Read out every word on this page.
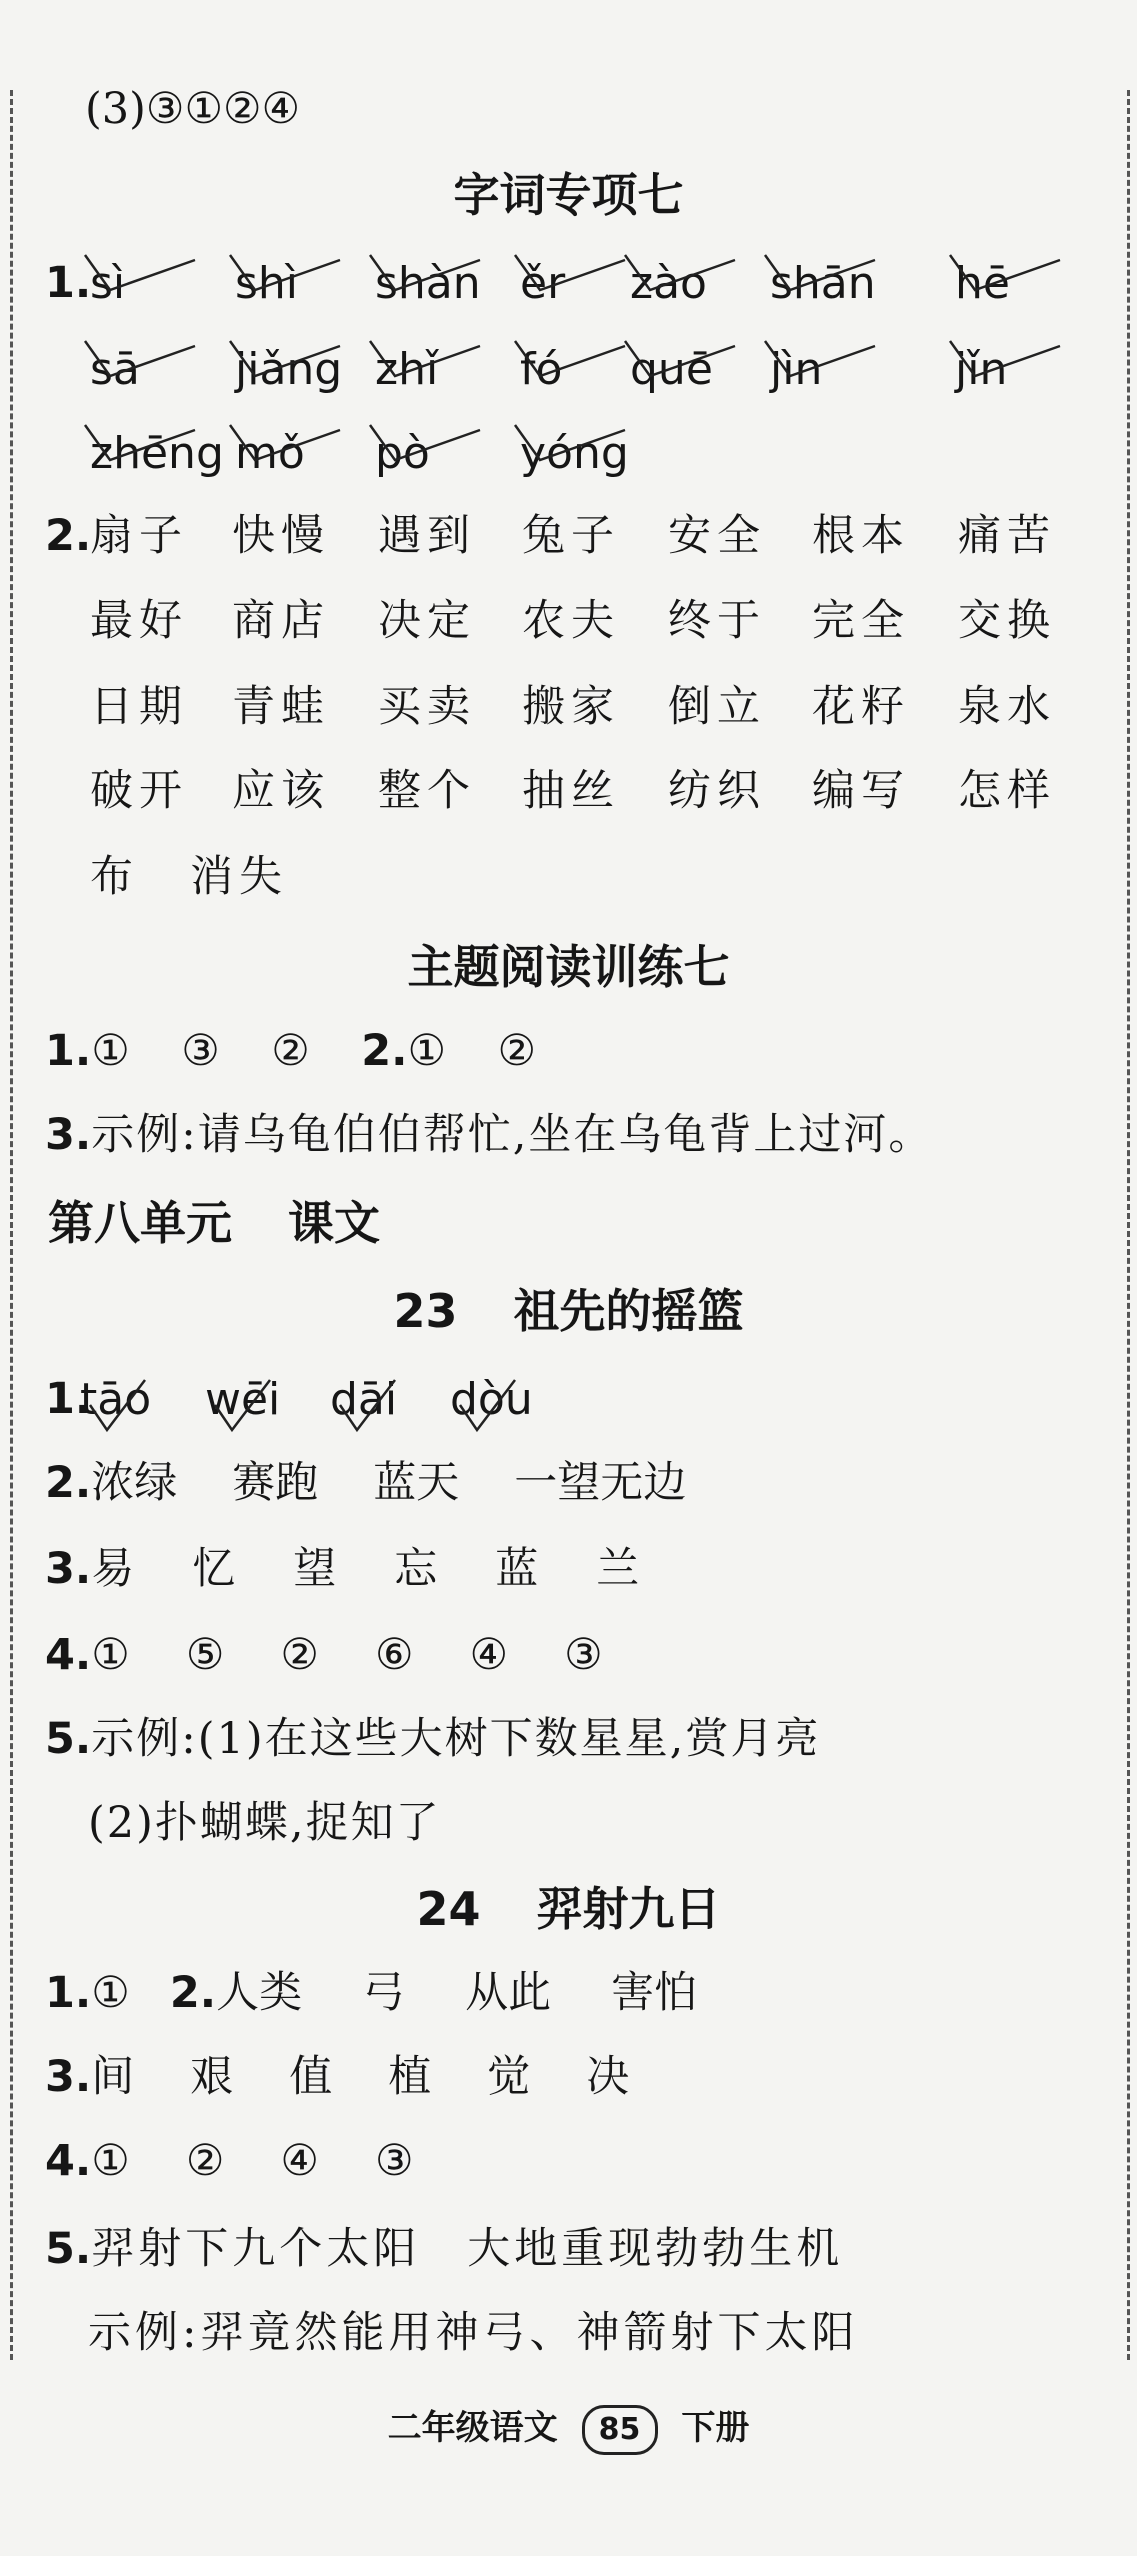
(3)③①②④
字词专项七
1.
sì shì shàn ěr zào shān hē
sā jiǎng zhǐ fó quē jìn	jǐn
zhēng mǒ pò yóng
2.
扇子 快慢 遇到 兔子 安全 根本 痛苦
最好 商店 决定 农夫 终于 完全 交换
日期 青蛙 买卖 搬家 倒立 花籽 泉水
破开 应该 整个 抽丝 纺织 编写 怎样
布 消失
主题阅读训练七
1. ① ③ ② 2. ① ②
3. 示例:请乌龟伯伯帮忙,坐在乌龟背上过河。
第八单元 课文
23 祖先的摇篮
1.
tāo wēi dāi dòu
2. 浓绿 赛跑 蓝天 一望无边
3. 易 忆 望 忘 蓝 兰
4. ① ⑤ ② ⑥ ④ ③
5. 示例:(1)在这些大树下数星星,赏月亮
(2)扑蝴蝶,捉知了
24 羿射九日
1. ① 2. 人类 弓 从此 害怕
3. 间 艰 值 植 觉 决
4. ① ② ④ ③
5. 羿射下九个太阳　大地重现勃勃生机
示例:羿竟然能用神弓、神箭射下太阳
二年级语文 85 下册
